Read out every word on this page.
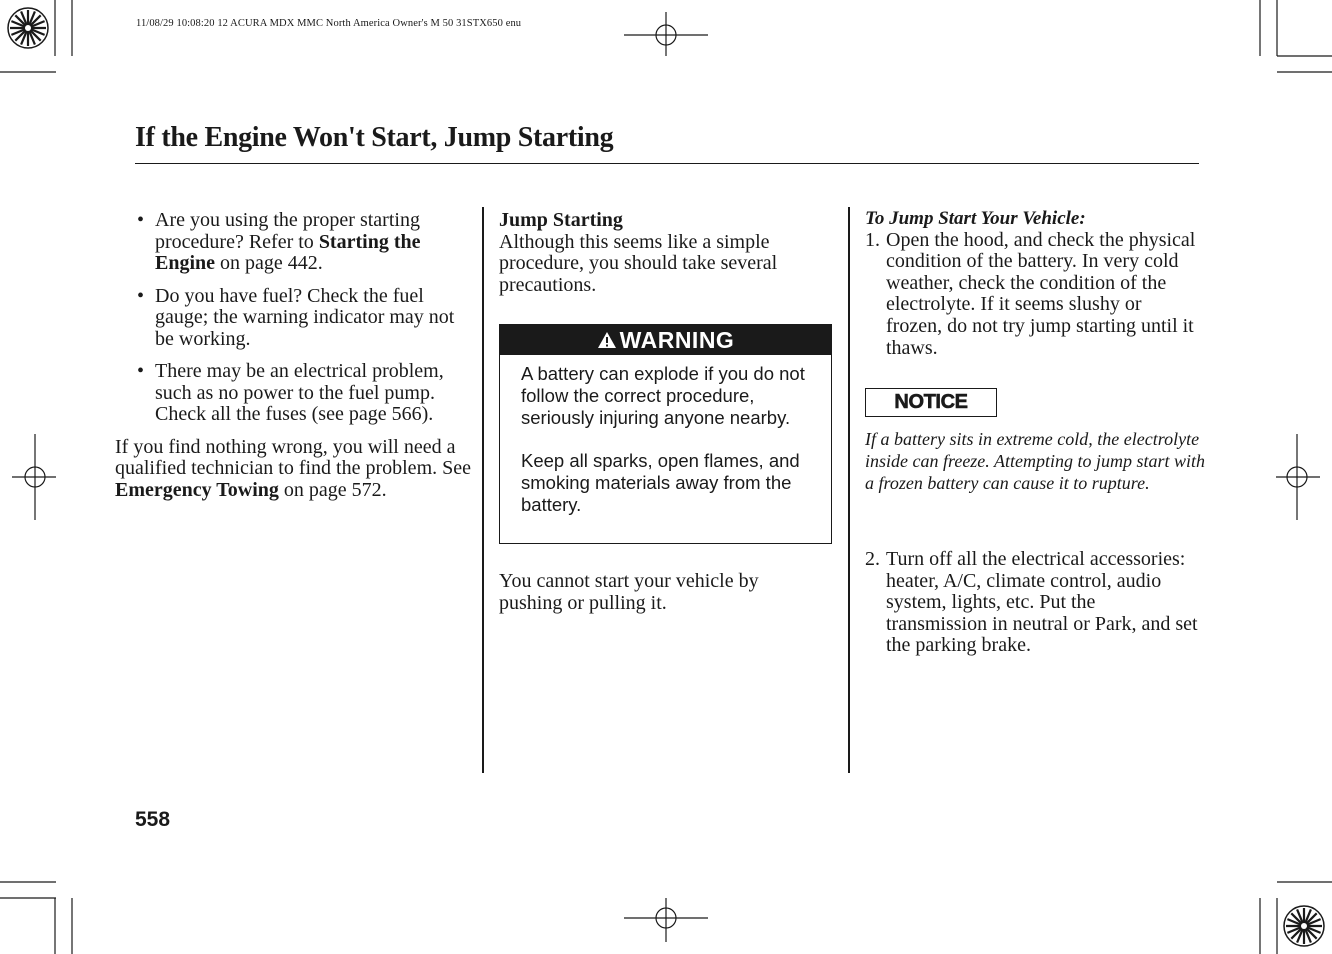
11/08/29 10:08:20 12 ACURA MDX MMC North America Owner's M 50 31STX650 enu
If the Engine Won't Start, Jump Starting
• Are you using the proper starting procedure? Refer to Starting the Engine on page 442.
• Do you have fuel? Check the fuel gauge; the warning indicator may not be working.
• There may be an electrical problem, such as no power to the fuel pump. Check all the fuses (see page 566).
If you find nothing wrong, you will need a qualified technician to find the problem. See Emergency Towing on page 572.

Jump Starting

Although this seems like a simple procedure, you should take several precautions.

WARNING

A battery can explode if you do not follow the correct procedure, seriously injuring anyone nearby.

Keep all sparks, open flames, and smoking materials away from the battery.

You cannot start your vehicle by pushing or pulling it.

To Jump Start Your Vehicle:

1. Open the hood, and check the physical condition of the battery. In very cold weather, check the condition of the electrolyte. If it seems slushy or frozen, do not try jump starting until it thaws.

NOTICE

If a battery sits in extreme cold, the electrolyte inside can freeze. Attempting to jump start with a frozen battery can cause it to rupture.

2. Turn off all the electrical accessories: heater, A/C, climate control, audio system, lights, etc. Put the transmission in neutral or Park, and set the parking brake.

558
